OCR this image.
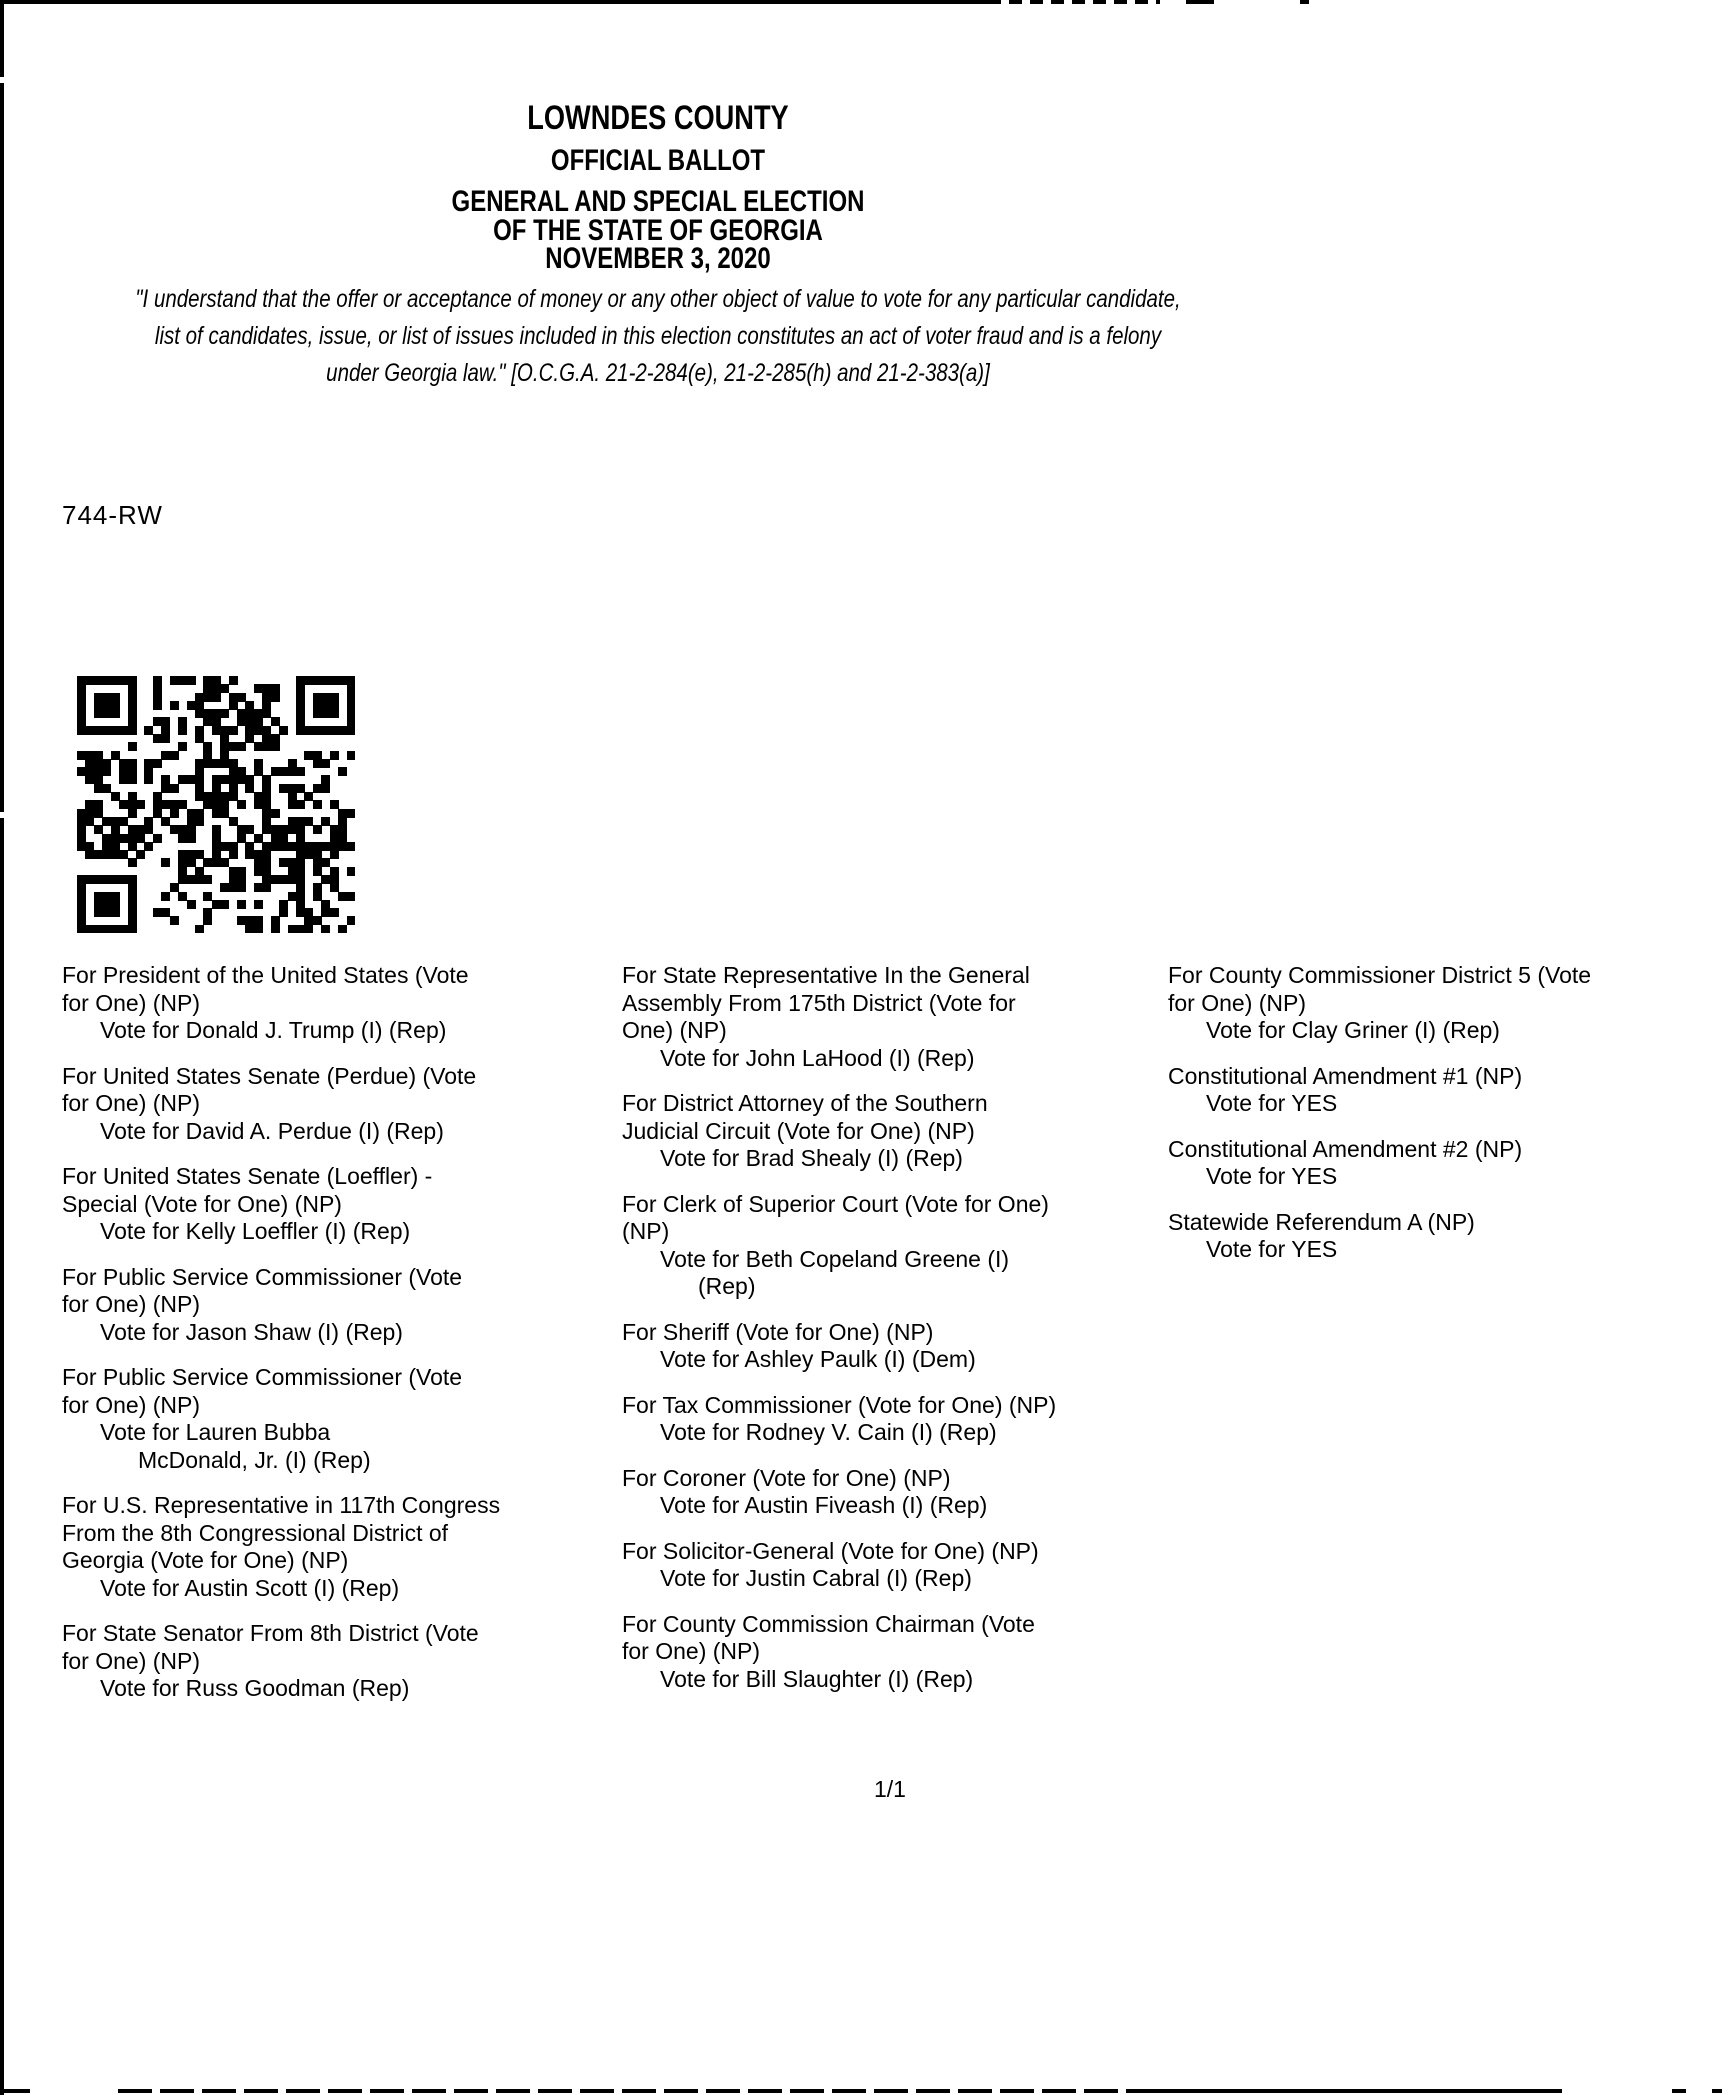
LOWNDES COUNTY
OFFICIAL BALLOT
GENERAL AND SPECIAL ELECTION
OF THE STATE OF GEORGIA
NOVEMBER 3, 2020
"I understand that the offer or acceptance of money or any other object of value to vote for any particular candidate,
list of candidates, issue, or list of issues included in this election constitutes an act of voter fraud and is a felony
under Georgia law." [O.C.G.A. 21-2-284(e), 21-2-285(h) and 21-2-383(a)]
744-RW
For President of the United States (Vote
for One) (NP)
Vote for Donald J. Trump (I) (Rep)
For United States Senate (Perdue) (Vote
for One) (NP)
Vote for David A. Perdue (I) (Rep)
For United States Senate (Loeffler) -
Special (Vote for One) (NP)
Vote for Kelly Loeffler (I) (Rep)
For Public Service Commissioner (Vote
for One) (NP)
Vote for Jason Shaw (I) (Rep)
For Public Service Commissioner (Vote
for One) (NP)
Vote for Lauren Bubba
McDonald, Jr. (I) (Rep)
For U.S. Representative in 117th Congress
From the 8th Congressional District of
Georgia (Vote for One) (NP)
Vote for Austin Scott (I) (Rep)
For State Senator From 8th District (Vote
for One) (NP)
Vote for Russ Goodman (Rep)
For State Representative In the General
Assembly From 175th District (Vote for
One) (NP)
Vote for John LaHood (I) (Rep)
For District Attorney of the Southern
Judicial Circuit (Vote for One) (NP)
Vote for Brad Shealy (I) (Rep)
For Clerk of Superior Court (Vote for One)
(NP)
Vote for Beth Copeland Greene (I)
(Rep)
For Sheriff (Vote for One) (NP)
Vote for Ashley Paulk (I) (Dem)
For Tax Commissioner (Vote for One) (NP)
Vote for Rodney V. Cain (I) (Rep)
For Coroner (Vote for One) (NP)
Vote for Austin Fiveash (I) (Rep)
For Solicitor-General (Vote for One) (NP)
Vote for Justin Cabral (I) (Rep)
For County Commission Chairman (Vote
for One) (NP)
Vote for Bill Slaughter (I) (Rep)
For County Commissioner District 5 (Vote
for One) (NP)
Vote for Clay Griner (I) (Rep)
Constitutional Amendment #1 (NP)
Vote for YES
Constitutional Amendment #2 (NP)
Vote for YES
Statewide Referendum A (NP)
Vote for YES
1/1
